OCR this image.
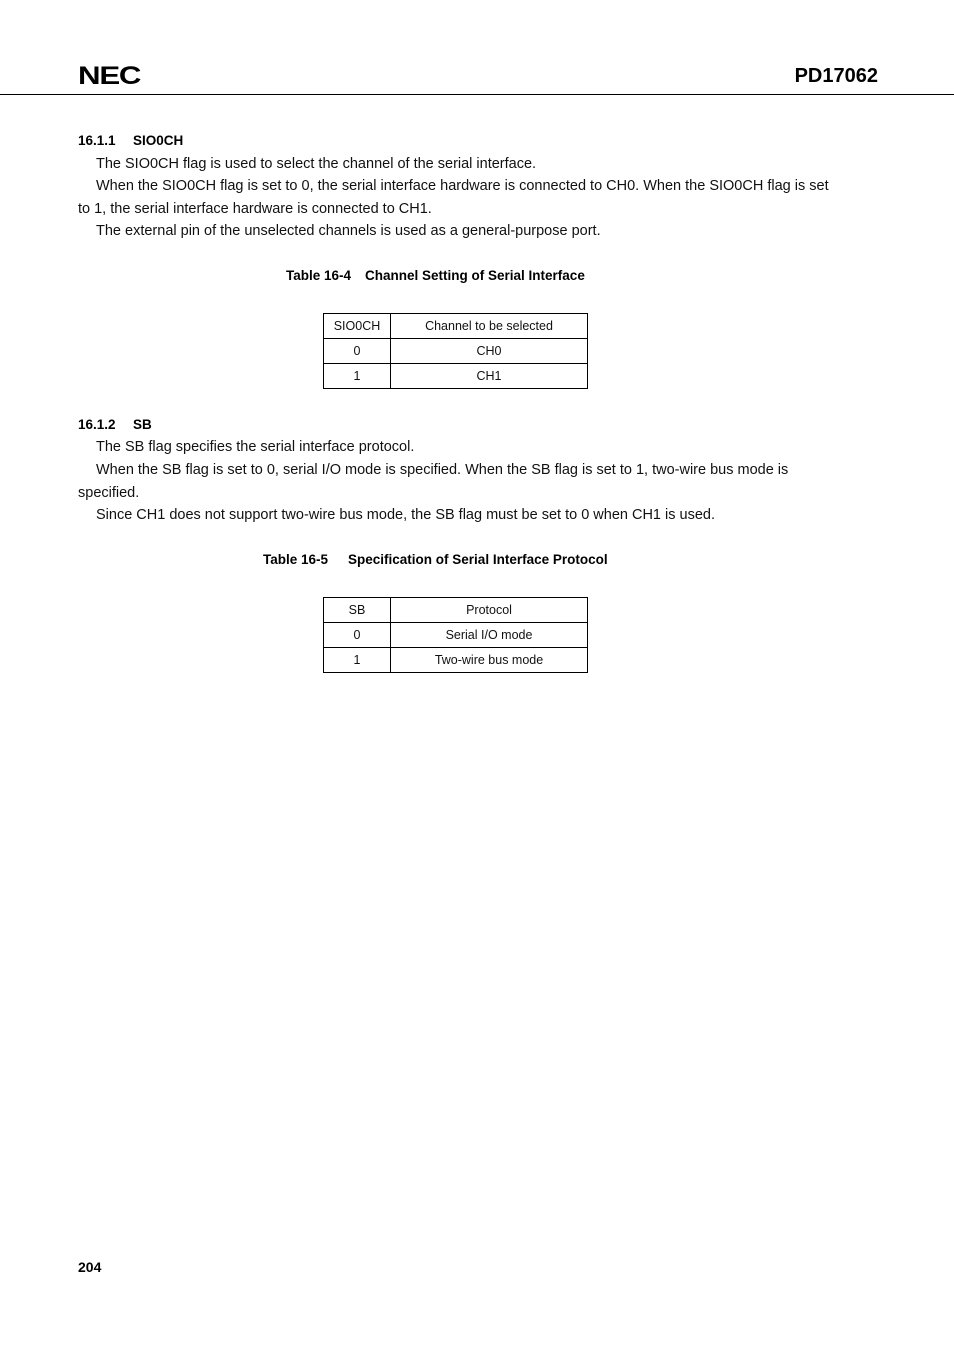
NEC	PD17062
16.1.1 SIO0CH

The SIO0CH flag is used to select the channel of the serial interface.

When the SIO0CH flag is set to 0, the serial interface hardware is connected to CH0. When the SIO0CH flag is set to 1, the serial interface hardware is connected to CH1.

The external pin of the unselected channels is used as a general-purpose port.

Table 16-4 Channel Setting of Serial Interface
SIO0CH	Channel to be selected
0	CH0
1	CH1
16.1.2 SB

The SB flag specifies the serial interface protocol.

When the SB flag is set to 0, serial I/O mode is specified. When the SB flag is set to 1, two-wire bus mode is specified.

Since CH1 does not support two-wire bus mode, the SB flag must be set to 0 when CH1 is used.

Table 16-5 Specification of Serial Interface Protocol
SB	Protocol
0	Serial I/O mode
1	Two-wire bus mode
204
